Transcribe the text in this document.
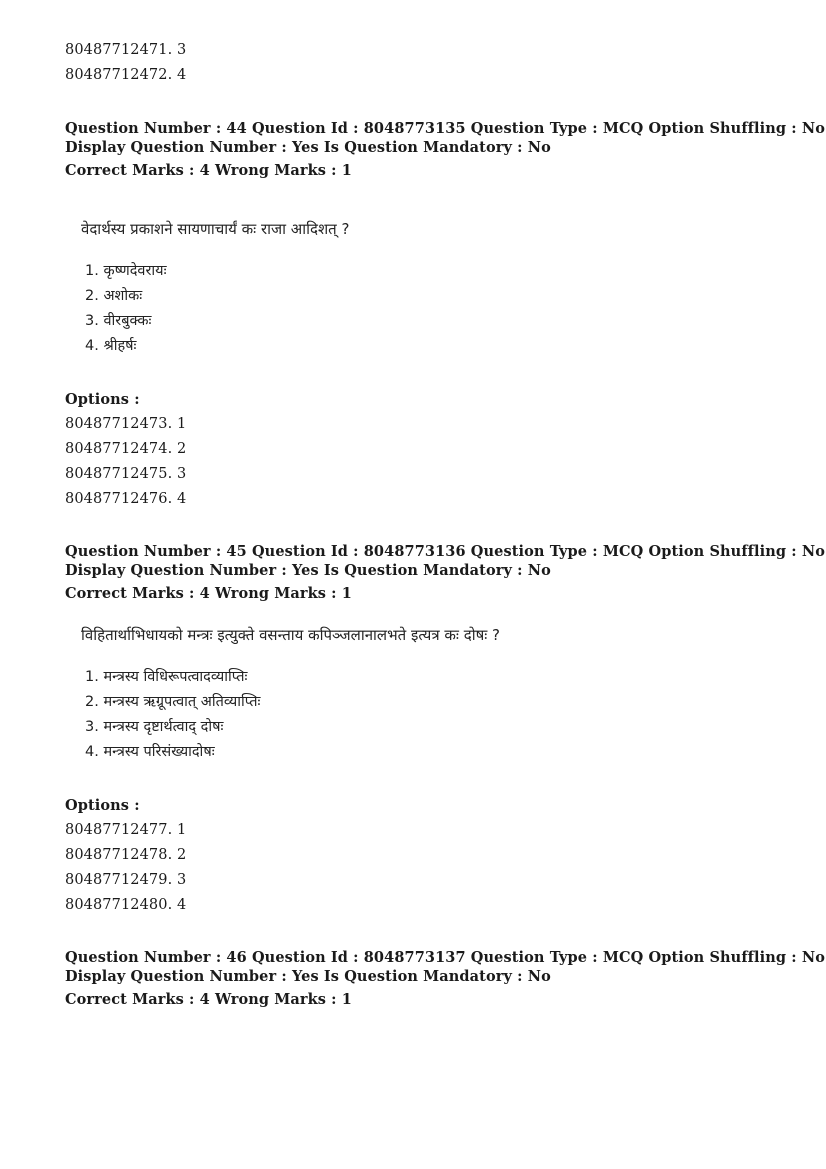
80487712471. 3
80487712472. 4
Question Number : 44 Question Id : 8048773135 Question Type : MCQ Option Shuffling : No
Display Question Number : Yes Is Question Mandatory : No
Correct Marks : 4 Wrong Marks : 1
वेदार्थस्य प्रकाशने सायणाचार्यं कः राजा आदिशत् ?
1. कृष्णदेवरायः
2. अशोकः
3. वीरबुक्कः
4. श्रीहर्षः
Options :
80487712473. 1
80487712474. 2
80487712475. 3
80487712476. 4
Question Number : 45 Question Id : 8048773136 Question Type : MCQ Option Shuffling : No
Display Question Number : Yes Is Question Mandatory : No
Correct Marks : 4 Wrong Marks : 1
विहितार्थाभिधायको मन्त्रः इत्युक्ते वसन्ताय कपिञ्जलानालभते इत्यत्र कः दोषः ?
1. मन्त्रस्य विधिरूपत्वादव्याप्तिः
2. मन्त्रस्य ऋग्रूपत्वात् अतिव्याप्तिः
3. मन्त्रस्य दृष्टार्थत्वाद् दोषः
4. मन्त्रस्य परिसंख्यादोषः
Options :
80487712477. 1
80487712478. 2
80487712479. 3
80487712480. 4
Question Number : 46 Question Id : 8048773137 Question Type : MCQ Option Shuffling : No
Display Question Number : Yes Is Question Mandatory : No
Correct Marks : 4 Wrong Marks : 1
